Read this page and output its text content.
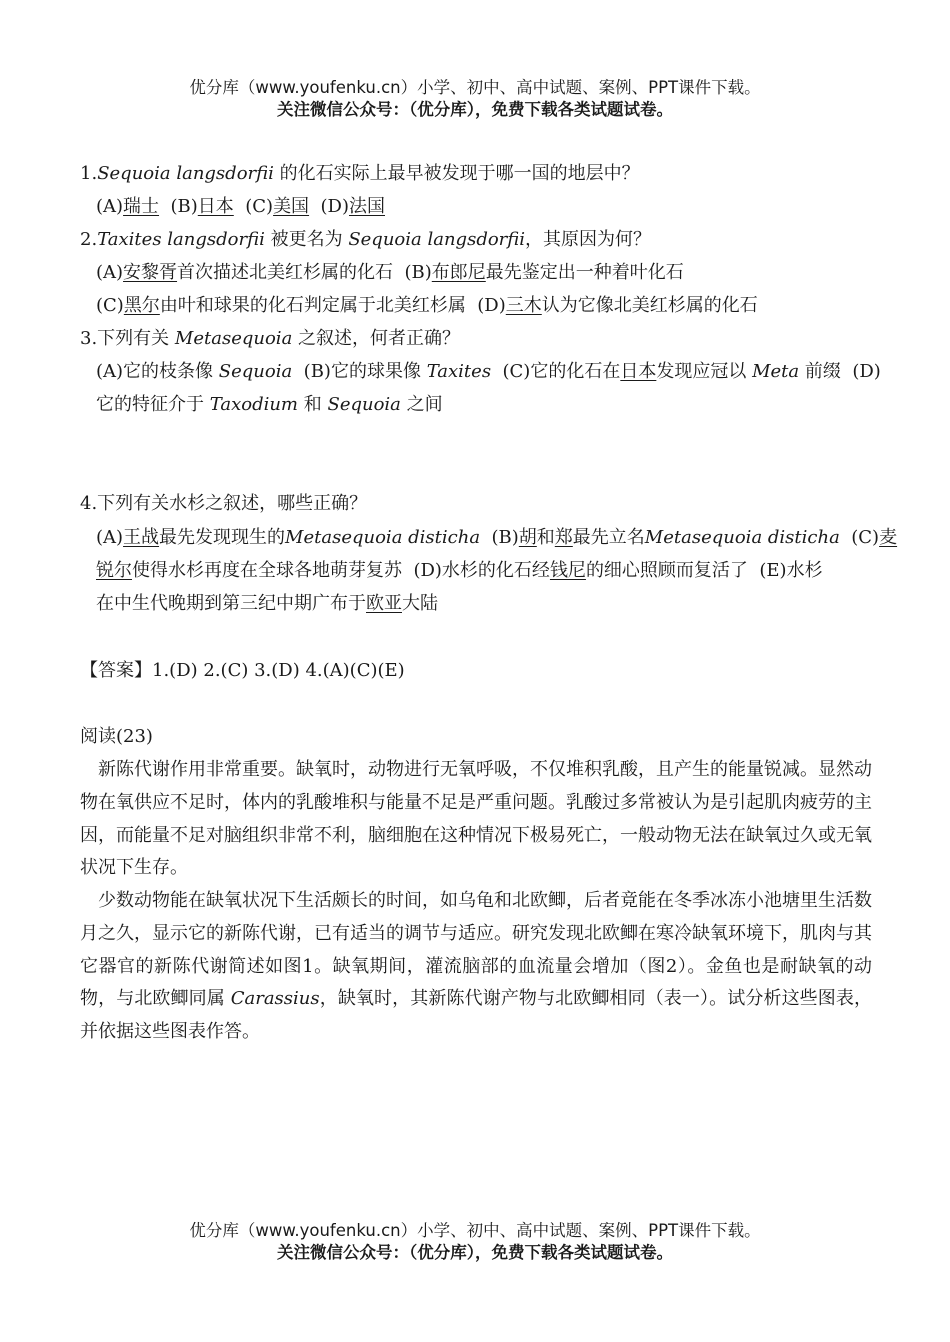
优分库（www.youfenku.cn）小学、初中、高中试题、案例、PPT课件下载。
关注微信公众号：（优分库），免费下载各类试题试卷。
1.Sequoia langsdorfii 的化石实际上最早被发现于哪一国的地层中？
(A)瑞士 (B)日本 (C)美国 (D)法国
2.Taxites langsdorfii 被更名为 Sequoia langsdorfii，其原因为何？
(A)安黎胥首次描述北美红杉属的化石 (B)布郎尼最先鉴定出一种着叶化石
(C)黑尔由叶和球果的化石判定属于北美红杉属 (D)三木认为它像北美红杉属的化石
3.下列有关 Metasequoia 之叙述，何者正确？
(A)它的枝条像 Sequoia (B)它的球果像 Taxites (C)它的化石在日本发现应冠以 Meta 前缀 (D)
它的特征介于 Taxodium 和 Sequoia 之间
4.下列有关水杉之叙述，哪些正确？
(A)王战最先发现现生的Metasequoia disticha (B)胡和郑最先立名Metasequoia disticha (C)麦
锐尔使得水杉再度在全球各地萌芽复苏 (D)水杉的化石经钱尼的细心照顾而复活了 (E)水杉
在中生代晚期到第三纪中期广布于欧亚大陆
【答案】1.(D) 2.(C) 3.(D) 4.(A)(C)(E)
阅读(23)
新陈代谢作用非常重要。缺氧时，动物进行无氧呼吸，不仅堆积乳酸，且产生的能量锐减。显然动物在氧供应不足时，体内的乳酸堆积与能量不足是严重问题。乳酸过多常被认为是引起肌肉疲劳的主因，而能量不足对脑组织非常不利，脑细胞在这种情况下极易死亡，一般动物无法在缺氧过久或无氧状况下生存。
少数动物能在缺氧状况下生活颇长的时间，如乌龟和北欧鲫，后者竟能在冬季冰冻小池塘里生活数月之久，显示它的新陈代谢，已有适当的调节与适应。研究发现北欧鲫在寒冷缺氧环境下，肌肉与其它器官的新陈代谢简述如图1。缺氧期间，灌流脑部的血流量会增加（图2）。金鱼也是耐缺氧的动物，与北欧鲫同属 Carassius，缺氧时，其新陈代谢产物与北欧鲫相同（表一）。试分析这些图表，并依据这些图表作答。
优分库（www.youfenku.cn）小学、初中、高中试题、案例、PPT课件下载。
关注微信公众号：（优分库），免费下载各类试题试卷。
